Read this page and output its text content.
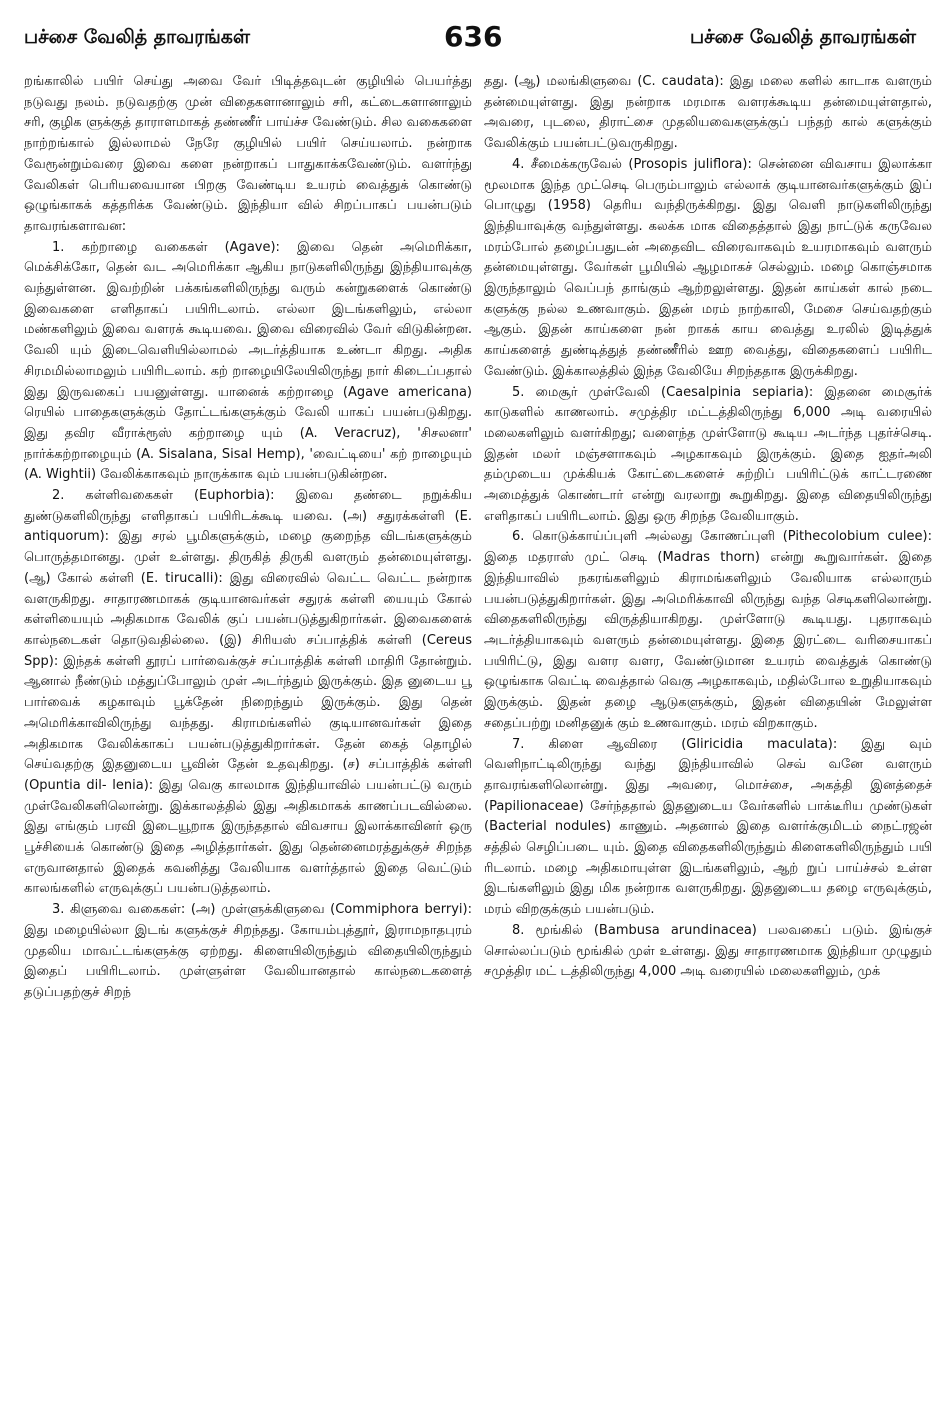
பச்சை வேலித் தாவரங்கள்	636	பச்சை வேலித் தாவரங்கள்

றங்காலில் பயிர் செய்து அவை வேர் பிடித்தவுடன் குழியில் பெயர்த்து நடுவது நலம். நடுவதற்கு முன் விதைகளானாலும் சரி, கட்டைகளானாலும் சரி, குழிக ளுக்குத் தாராளமாகத் தண்ணீர் பாய்ச்ச வேண்டும். சில வகைகளை நாற்றங்கால் இல்லாமல் நேரே குழியில் பயிர் செய்யலாம். நன்றாக வேரூன்றும்வரை இவை களை நன்றாகப் பாதுகாக்கவேண்டும். வளர்ந்து வேலிகள் பெரியவையான பிறகு வேண்டிய உயரம் வைத்துக் கொண்டு ஒழுங்காகக் கத்தரிக்க வேண்டும். இந்தியா வில் சிறப்பாகப் பயன்படும் தாவரங்களாவன:

1. கற்றாழை வகைகள் (Agave): இவை தென் அமெரிக்கா, மெக்சிக்கோ, தென் வட அமெரிக்கா ஆகிய நாடுகளிலிருந்து இந்தியாவுக்கு வந்துள்ளன. இவற்றின் பக்கங்களிலிருந்து வரும் கன்றுகளைக் கொண்டு இவைகளை எளிதாகப் பயிரிடலாம். எல்லா இடங்களிலும், எல்லா மண்களிலும் இவை வளரக் கூடியவை. இவை விரைவில் வேர் விடுகின்றன. வேலி யும் இடைவெளியில்லாமல் அடர்த்தியாக உண்டா கிறது. அதிக சிரமமில்லாமலும் பயிரிடலாம். கற் றாழையிலேயிலிருந்து நார் கிடைப்பதால் இது இருவகைப் பயனுள்ளது. யானைக் கற்றாழை (Agave americana) ரெயில் பாதைகளுக்கும் தோட்டங்களுக்கும் வேலி யாகப் பயன்படுகிறது. இது தவிர வீராக்ரூஸ் கற்றாழை யும் (A. Veracruz), 'சிசலனா' நார்க்கற்றாழையும் (A. Sisalana, Sisal Hemp), 'வைட்டியை' கற் றாழையும் (A. Wightii) வேலிக்காகவும் நாருக்காக வும் பயன்படுகின்றன.

2. கள்ளிவகைகள் (Euphorbia): இவை தண்டை நறுக்கிய துண்டுகளிலிருந்து எளிதாகப் பயிரிடக்கூடி யவை. (அ) சதுரக்கள்ளி (E. antiquorum): இது சரல் பூமிகளுக்கும், மழை குறைந்த விடங்களுக்கும் பொருத்தமானது. முள் உள்ளது. திருகித் திருகி வளரும் தன்மையுள்ளது. (ஆ) கோல் கள்ளி (E. tirucalli): இது விரைவில் வெட்ட வெட்ட நன்றாக வளருகிறது. சாதாரணமாகக் குடியானவர்கள் சதுரக் கள்ளி யையும் கோல் கள்ளியையும் அதிகமாக வேலிக் குப் பயன்படுத்துகிறார்கள். இவைகளைக் கால்நடைகள் தொடுவதில்லை. (இ) சிரியஸ் சப்பாத்திக் கள்ளி (Cereus Spp): இந்தக் கள்ளி தூரப் பார்வைக்குச் சப்பாத்திக் கள்ளி மாதிரி தோன்றும். ஆனால் நீண்டும் மத்துப்போலும் முள் அடர்ந்தும் இருக்கும். இத னுடைய பூ பார்வைக் கழகாவும் பூக்தேன் நிறைந்தும் இருக்கும். இது தென் அமெரிக்காவிலிருந்து வந்தது. கிராமங்களில் குடியானவர்கள் இதை அதிகமாக வேலிக்காகப் பயன்படுத்துகிறார்கள். தேன் கைத் தொழில் செய்வதற்கு இதனுடைய பூவின் தேன் உதவுகிறது. (ச) சப்பாத்திக் கள்ளி (Opuntia dil- lenia): இது வெகு காலமாக இந்தியாவில் பயன்பட்டு வரும் முள்வேலிகளிலொன்று. இக்காலத்தில் இது அதிகமாகக் காணப்படவில்லை. இது எங்கும் பரவி இடையூறாக இருந்ததால் விவசாய இலாக்காவினர் ஒரு பூச்சியைக் கொண்டு இதை அழித்தார்கள். இது தென்னைமரத்துக்குச் சிறந்த எருவானதால் இதைக் கவனித்து வேலியாக வளர்த்தால் இதை வெட்டும் காலங்களில் எருவுக்குப் பயன்படுத்தலாம்.

3. கிளுவை வகைகள்: (அ) முள்ளுக்கிளுவை (Commiphora berryi): இது மழையில்லா இடங் களுக்குச் சிறந்தது. கோயம்புத்தூர், இராமநாதபுரம் முதலிய மாவட்டங்களுக்கு ஏற்றது. கிளையிலிருந்தும் விதையிலிருந்தும் இதைப் பயிரிடலாம். முள்ளுள்ள வேலியானதால் கால்நடைகளைத் தடுப்பதற்குச் சிறந்

தது. (ஆ) மலங்கிளுவை (C. caudata): இது மலை களில் காடாக வளரும் தன்மையுள்ளது. இது நன்றாக மரமாக வளரக்கூடிய தன்மையுள்ளதால், அவரை, புடலை, திராட்சை முதலியவைகளுக்குப் பந்தற் கால் களுக்கும் வேலிக்கும் பயன்பட்டுவருகிறது.

4. சீமைக்கருவேல் (Prosopis juliflora): சென்னை விவசாய இலாக்கா மூலமாக இந்த முட்செடி பெரும்பாலும் எல்லாக் குடியானவர்களுக்கும் இப் பொழுது (1958) தெரிய வந்திருக்கிறது. இது வெளி நாடுகளிலிருந்து இந்தியாவுக்கு வந்துள்ளது. கலக்க மாக விதைத்தால் இது நாட்டுக் கருவேல மரம்போல் தழைப்பதுடன் அதைவிட விரைவாகவும் உயரமாகவும் வளரும் தன்மையுள்ளது. வேர்கள் பூமியில் ஆழமாகச் செல்லும். மழை கொஞ்சமாக இருந்தாலும் வெப்பந் தாங்கும் ஆற்றலுள்ளது. இதன் காய்கள் கால் நடை களுக்கு நல்ல உணவாகும். இதன் மரம் நாற்காலி, மேசை செய்வதற்கும் ஆகும். இதன் காய்களை நன் றாகக் காய வைத்து உரலில் இடித்துக் காய்களைத் துண்டித்துத் தண்ணீரில் ஊற வைத்து, விதைகளைப் பயிரிட வேண்டும். இக்காலத்தில் இந்த வேலியே சிறந்ததாக இருக்கிறது.

5. மைசூர் முள்வேலி (Caesalpinia sepiaria): இதனை மைசூர்க் காடுகளில் காணலாம். சமுத்திர மட்டத்திலிருந்து 6,000 அடி வரையில் மலைகளிலும் வளர்கிறது; வளைந்த முள்ளோடு கூடிய அடர்ந்த புதர்ச்செடி. இதன் மலர் மஞ்சளாகவும் அழகாகவும் இருக்கும். இதை ஐதர்அலி தம்முடைய முக்கியக் கோட்டைகளைச் சுற்றிப் பயிரிட்டுக் காட்டரணை அமைத்துக் கொண்டார் என்று வரலாறு கூறுகிறது. இதை விதையிலிருந்து எளிதாகப் பயிரிடலாம். இது ஒரு சிறந்த வேலியாகும்.

6. கொடுக்காய்ப்புளி அல்லது கோணப்புளி (Pithecolobium culee): இதை மதராஸ் முட் செடி (Madras thorn) என்று கூறுவார்கள். இதை இந்தியாவில் நகரங்களிலும் கிராமங்களிலும் வேலியாக எல்லாரும் பயன்படுத்துகிறார்கள். இது அமெரிக்காவி லிருந்து வந்த செடிகளிலொன்று. விதைகளிலிருந்து விருத்தியாகிறது. முள்ளோடு கூடியது. புதராகவும் அடர்த்தியாகவும் வளரும் தன்மையுள்ளது. இதை இரட்டை வரிசையாகப் பயிரிட்டு, இது வளர வளர, வேண்டுமான உயரம் வைத்துக் கொண்டு ஒழுங்காக வெட்டி வைத்தால் வெகு அழகாகவும், மதில்போல உறுதியாகவும் இருக்கும். இதன் தழை ஆடுகளுக்கும், இதன் விதையின் மேலுள்ள சதைப்பற்று மனிதனுக் கும் உணவாகும். மரம் விறகாகும்.

7. கிளை ஆவிரை (Gliricidia maculata): இது வும் வெளிநாட்டிலிருந்து வந்து இந்தியாவில் செவ் வனே வளரும் தாவரங்களிலொன்று. இது அவரை, மொச்சை, அகத்தி இனத்தைச் (Papilionaceae) சேர்ந்ததால் இதனுடைய வேர்களில் பாக்டீரிய முண்டுகள் (Bacterial nodules) காணும். அதனால் இதை வளர்க்குமிடம் நைட்ரஜன் சத்தில் செழிப்படை யும். இதை விதைகளிலிருந்தும் கிளைகளிலிருந்தும் பயி ரிடலாம். மழை அதிகமாயுள்ள இடங்களிலும், ஆற் றுப் பாய்ச்சல் உள்ள இடங்களிலும் இது மிக நன்றாக வளருகிறது. இதனுடைய தழை எருவுக்கும், மரம் விறகுக்கும் பயன்படும்.

8. மூங்கில் (Bambusa arundinacea) பலவகைப் படும். இங்குச் சொல்லப்படும் மூங்கில் முள் உள்ளது. இது சாதாரணமாக இந்தியா முழுதும் சமுத்திர மட் டத்திலிருந்து 4,000 அடி வரையில் மலைகளிலும், முக்
